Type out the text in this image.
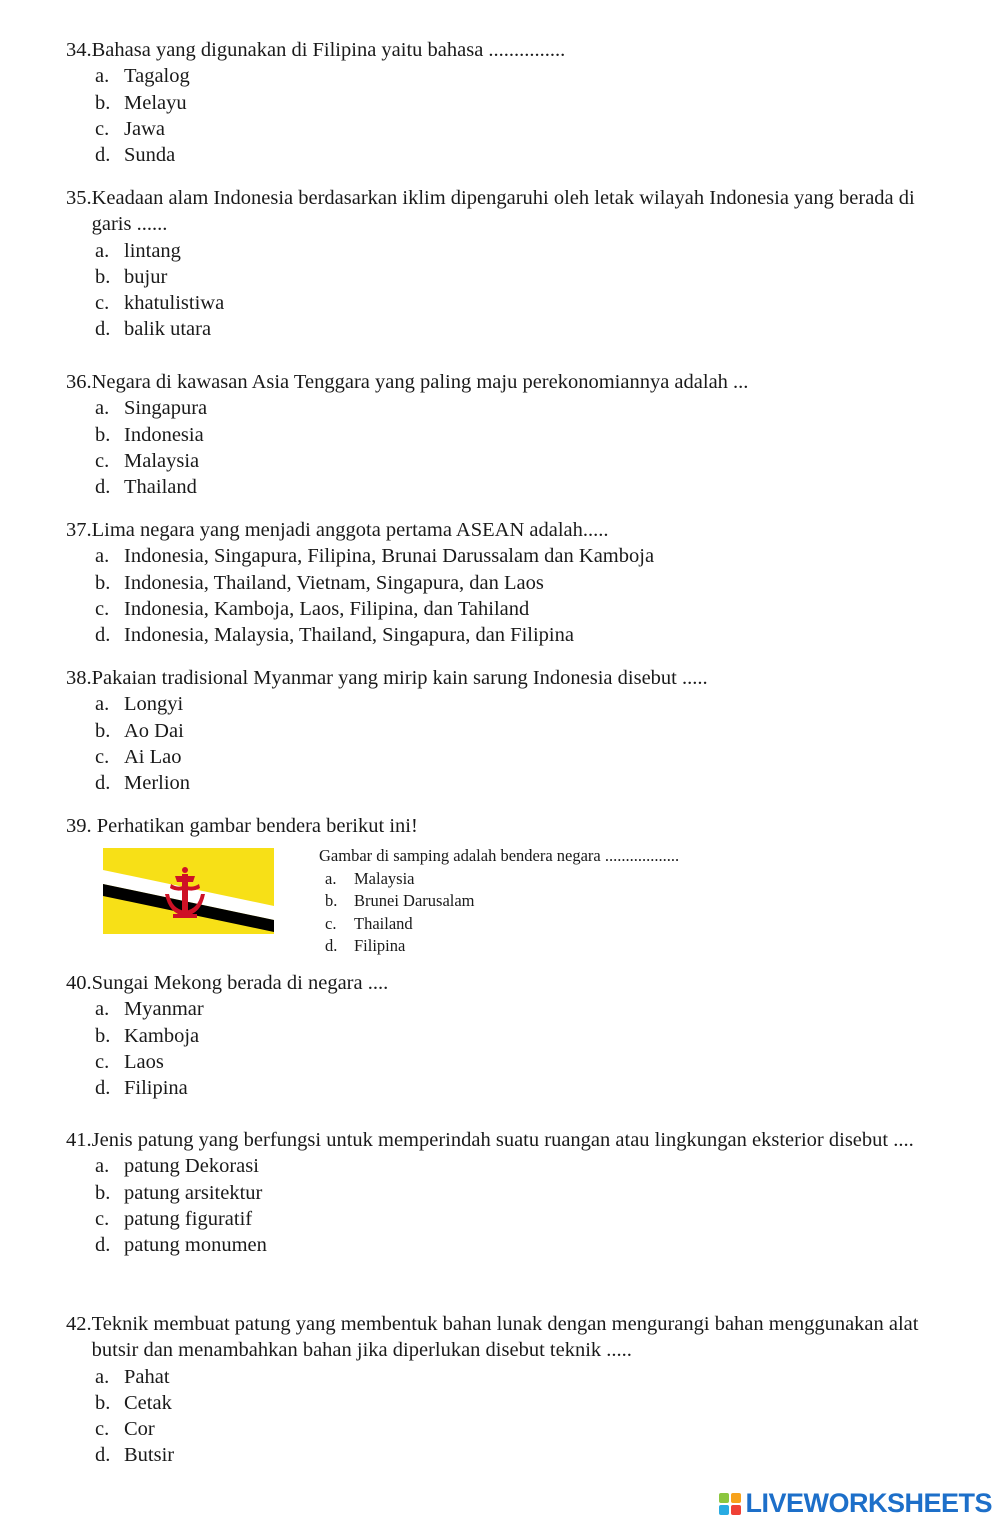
34. Bahasa yang digunakan di Filipina yaitu bahasa ...............
a. Tagalog
b. Melayu
c. Jawa
d. Sunda
35. Keadaan alam Indonesia berdasarkan iklim dipengaruhi oleh letak wilayah Indonesia yang berada di garis ......
a. lintang
b. bujur
c. khatulistiwa
d. balik utara
36. Negara di kawasan Asia Tenggara yang paling maju perekonomiannya adalah ...
a. Singapura
b. Indonesia
c. Malaysia
d. Thailand
37. Lima negara yang menjadi anggota pertama ASEAN adalah.....
a. Indonesia, Singapura, Filipina, Brunai Darussalam dan Kamboja
b. Indonesia, Thailand, Vietnam, Singapura, dan Laos
c. Indonesia, Kamboja, Laos, Filipina, dan Tahiland
d. Indonesia, Malaysia, Thailand, Singapura, dan Filipina
38. Pakaian tradisional Myanmar yang mirip kain sarung Indonesia disebut .....
a. Longyi
b. Ao Dai
c. Ai Lao
d. Merlion
39. Perhatikan gambar bendera berikut ini!
Gambar di samping adalah bendera negara ..................
a.	Malaysia
b.	Brunei Darusalam
c.	Thailand
d.	Filipina
40. Sungai Mekong berada di negara ....
a. Myanmar
b. Kamboja
c. Laos
d. Filipina
41. Jenis patung yang berfungsi untuk memperindah suatu ruangan atau lingkungan eksterior disebut ....
a. patung Dekorasi
b. patung arsitektur
c. patung figuratif
d. patung monumen
42. Teknik membuat patung yang membentuk bahan lunak dengan mengurangi bahan menggunakan alat butsir dan menambahkan bahan jika diperlukan disebut teknik .....
a. Pahat
b. Cetak
c. Cor
d. Butsir
LIVEWORKSHEETS
